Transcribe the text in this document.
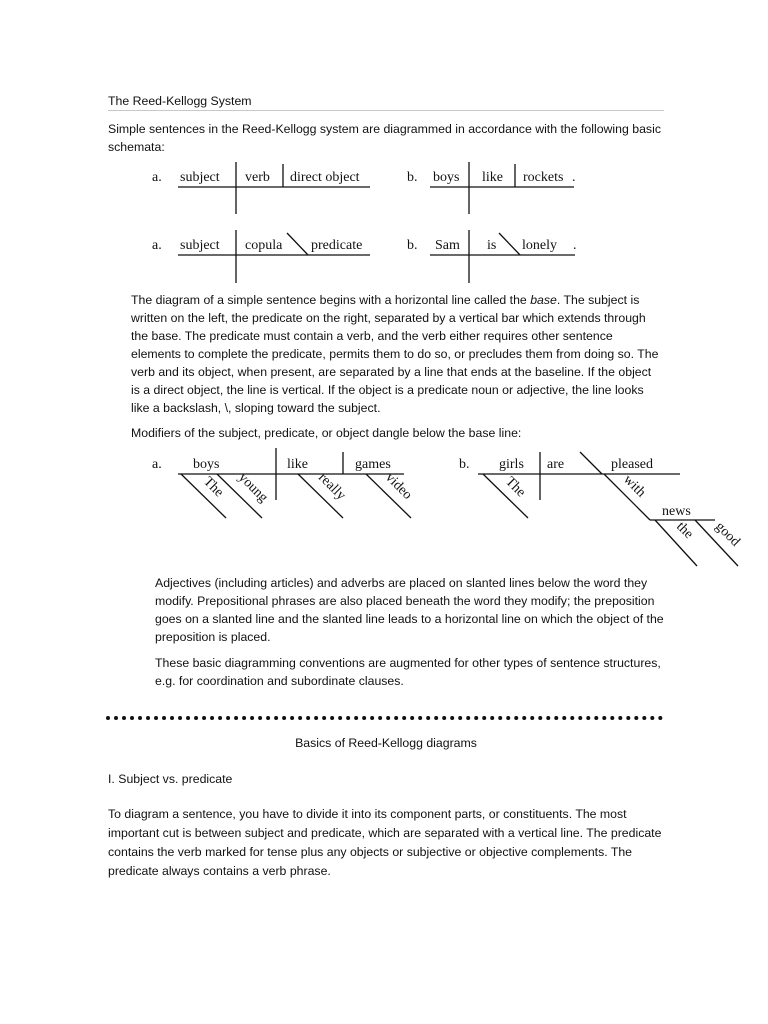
The Reed-Kellogg System

Simple sentences in the Reed-Kellogg system are diagrammed in accordance with the following basic schemata:

a. subject verb direct object	b. boys like rockets .
a. subject copula predicate	b. Sam is lonely .
a. boys	like	games
The young	really video
b. girls are	pleased
The	with
news
the good

The diagram of a simple sentence begins with a horizontal line called the base. The subject is written on the left, the predicate on the right, separated by a vertical bar which extends through the base. The predicate must contain a verb, and the verb either requires other sentence elements to complete the predicate, permits them to do so, or precludes them from doing so. The verb and its object, when present, are separated by a line that ends at the baseline. If the object is a direct object, the line is vertical. If the object is a predicate noun or adjective, the line looks like a backslash, \, sloping toward the subject.

Modifiers of the subject, predicate, or object dangle below the base line:

Adjectives (including articles) and adverbs are placed on slanted lines below the word they modify. Prepositional phrases are also placed beneath the word they modify; the preposition goes on a slanted line and the slanted line leads to a horizontal line on which the object of the preposition is placed.

These basic diagramming conventions are augmented for other types of sentence structures, e.g. for coordination and subordinate clauses.

Basics of Reed-Kellogg diagrams
I. Subject vs. predicate

To diagram a sentence, you have to divide it into its component parts, or constituents. The most important cut is between subject and predicate, which are separated with a vertical line. The predicate contains the verb marked for tense plus any objects or subjective or objective complements. The predicate always contains a verb phrase.
